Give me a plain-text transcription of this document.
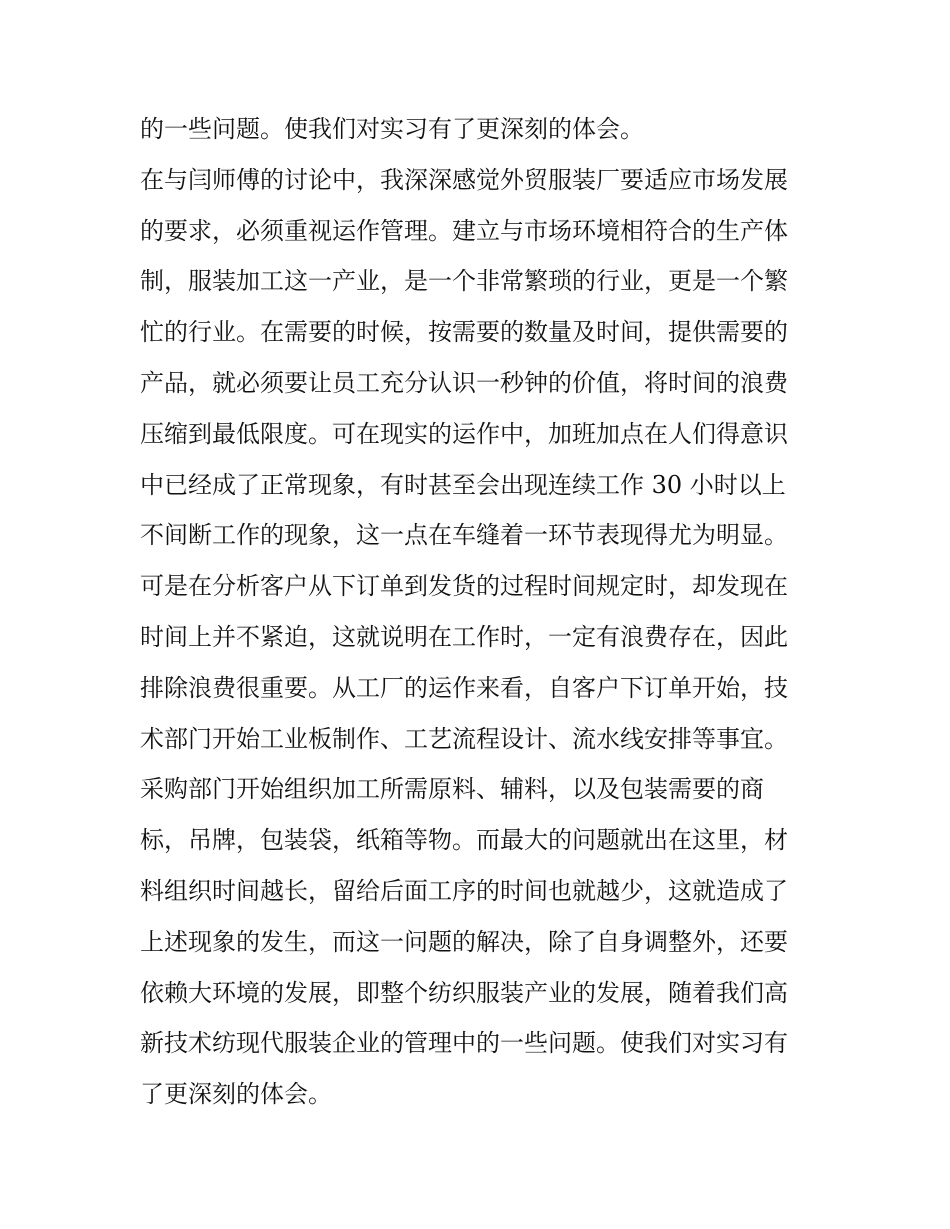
的一些问题。使我们对实习有了更深刻的体会。
在与闫师傅的讨论中，我深深感觉外贸服装厂要适应市场发展
的要求，必须重视运作管理。建立与市场环境相符合的生产体
制，服装加工这一产业，是一个非常繁琐的行业，更是一个繁
忙的行业。在需要的时候，按需要的数量及时间，提供需要的
产品，就必须要让员工充分认识一秒钟的价值，将时间的浪费
压缩到最低限度。可在现实的运作中，加班加点在人们得意识
中已经成了正常现象，有时甚至会出现连续工作 30 小时以上
不间断工作的现象，这一点在车缝着一环节表现得尤为明显。
可是在分析客户从下订单到发货的过程时间规定时，却发现在
时间上并不紧迫，这就说明在工作时，一定有浪费存在，因此
排除浪费很重要。从工厂的运作来看，自客户下订单开始，技
术部门开始工业板制作、工艺流程设计、流水线安排等事宜。
采购部门开始组织加工所需原料、辅料，以及包装需要的商
标，吊牌，包装袋，纸箱等物。而最大的问题就出在这里，材
料组织时间越长，留给后面工序的时间也就越少，这就造成了
上述现象的发生，而这一问题的解决，除了自身调整外，还要
依赖大环境的发展，即整个纺织服装产业的发展，随着我们高
新技术纺现代服装企业的管理中的一些问题。使我们对实习有
了更深刻的体会。
